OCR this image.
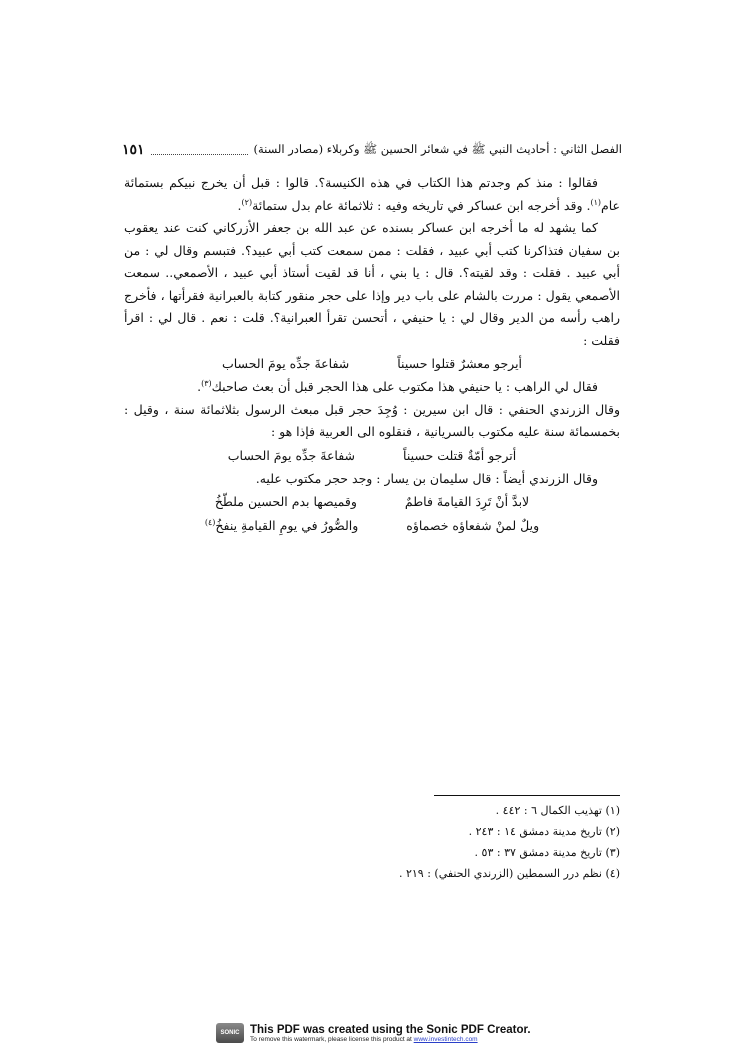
الفصل الثاني : أحاديث النبي ﷺ في شعائر الحسين ﷺ وكربلاء (مصادر السنة)
١٥١

فقالوا : منذ كم وجدتم هذا الكتاب في هذه الكنيسة؟. قالوا : قبل أن يخرج نبيكم بستمائة عام$^{(١)}$. وقد أخرجه ابن عساكر في تاريخه وفيه : ثلاثمائة عام بدل ستمائة$^{(٢)}$.

كما يشهد له ما أخرجه ابن عساكر بسنده عن عبد الله بن جعفر الأزركاني كنت عند يعقوب بن سفيان فتذاكرنا كتب أبي عبيد ، فقلت : ممن سمعت كتب أبي عبيد؟. فتبسم وقال لي : من أبي عبيد . فقلت : وقد لقيته؟. قال : يا بني ، أنا قد لقيت أستاذ أبي عبيد ، الأصمعي.. سمعت الأصمعي يقول : مررت بالشام على باب دير وإذا على حجر منقور كتابة بالعبرانية فقرأتها ، فأخرج راهب رأسه من الدير وقال لي : يا حنيفي ، أتحسن تقرأ العبرانية؟. قلت : نعم . قال لي : اقرأ فقلت :

أيرجو معشرٌ قتلوا حسيناً
شفاعةَ جدِّه يومَ الحساب

فقال لي الراهب : يا حنيفي هذا مكتوب على هذا الحجر قبل أن بعث صاحبك$^{(٣)}$.

وقال الزرندي الحنفي : قال ابن سيرين : وُجِدَ حجر قبل مبعث الرسول بثلاثمائة سنة ، وقيل : بخمسمائة سنة عليه مكتوب بالسريانية ، فنقلوه الى العربية فإذا هو :

أترجو أمّةٌ قتلت حسيناً
شفاعةَ جدِّه يومَ الحساب

وقال الزرندي أيضاً : قال سليمان بن يسار : وجد حجر مكتوب عليه.

لابدَّ أنْ تَرِدَ القيامةَ فاطمٌ
وقميصها بدم الحسين ملطّخُ
ويلٌ لمنْ شفعاؤه خصماؤه
والصُّورُ في يومِ القيامةِ ينفخُ$^{(٤)}$
(١) تهذيب الكمال ٦ : ٤٤٢ .
(٢) تاريخ مدينة دمشق ١٤ : ٢٤٣ .
(٣) تاريخ مدينة دمشق ٣٧ : ٥٣ .
(٤) نظم درر السمطين (الزرندي الحنفي) : ٢١٩ .
SONIC PDF
This PDF was created using the Sonic PDF Creator.
To remove this watermark, please license this product at www.investintech.com
